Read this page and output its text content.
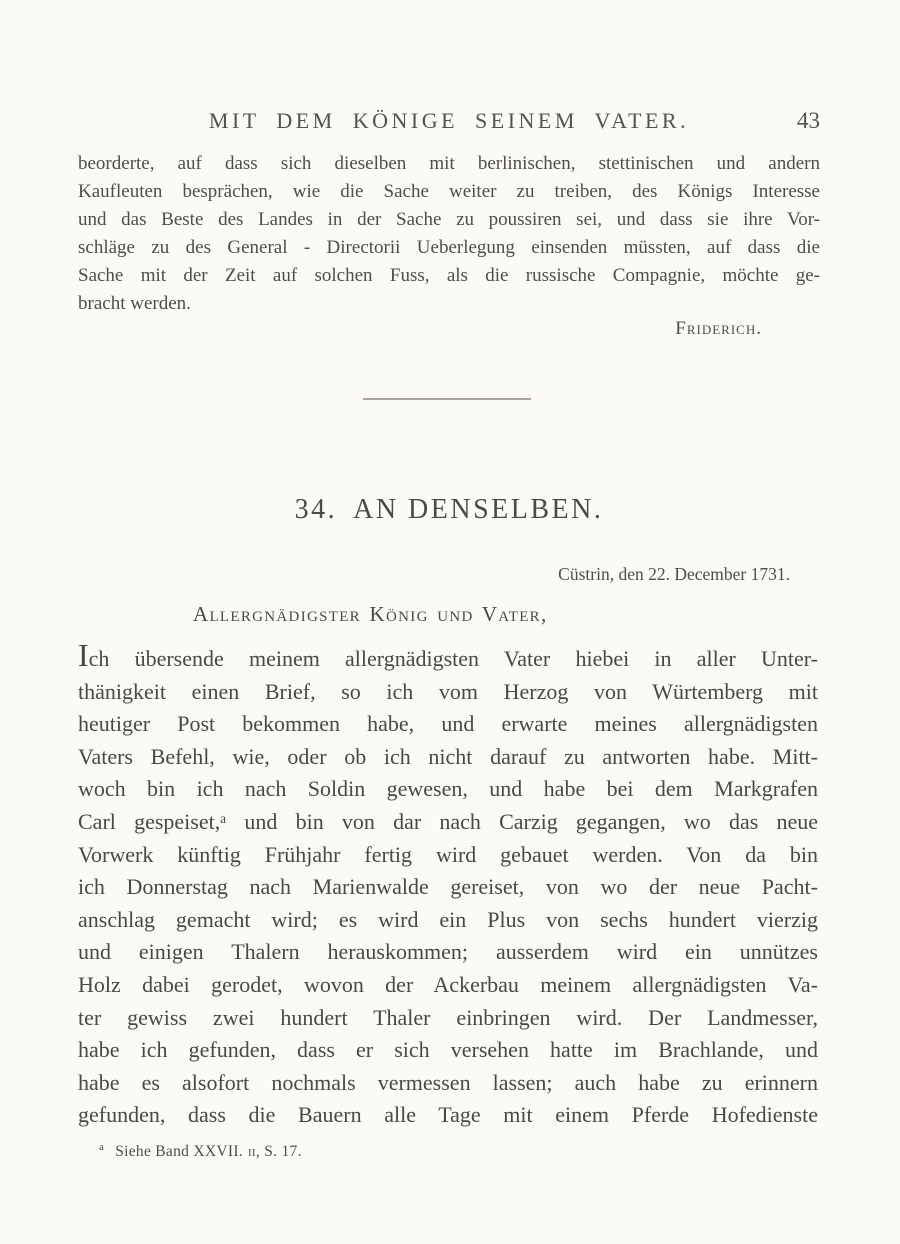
MIT DEM KÖNIGE SEINEM VATER.	43
beorderte, auf dass sich dieselben mit berlinischen, stettinischen und andern
Kaufleuten besprächen, wie die Sache weiter zu treiben, des Königs Interesse
und das Beste des Landes in der Sache zu poussiren sei, und dass sie ihre Vor-
schläge zu des General - Directorii Ueberlegung einsenden müssten, auf dass die
Sache mit der Zeit auf solchen Fuss, als die russische Compagnie, möchte ge-
bracht werden.
Friderich.
34. AN DENSELBEN.
Cüstrin, den 22. December 1731.
Allergnädigster König und Vater,
Ich übersende meinem allergnädigsten Vater hiebei in aller Unter-
thänigkeit einen Brief, so ich vom Herzog von Würtemberg mit
heutiger Post bekommen habe, und erwarte meines allergnädigsten
Vaters Befehl, wie, oder ob ich nicht darauf zu antworten habe. Mitt-
woch bin ich nach Soldin gewesen, und habe bei dem Markgrafen
Carl gespeiset,ᵃ und bin von dar nach Carzig gegangen, wo das neue
Vorwerk künftig Frühjahr fertig wird gebauet werden. Von da bin
ich Donnerstag nach Marienwalde gereiset, von wo der neue Pacht-
anschlag gemacht wird; es wird ein Plus von sechs hundert vierzig
und einigen Thalern herauskommen; ausserdem wird ein unnützes
Holz dabei gerodet, wovon der Ackerbau meinem allergnädigsten Va-
ter gewiss zwei hundert Thaler einbringen wird. Der Landmesser,
habe ich gefunden, dass er sich versehen hatte im Brachlande, und
habe es alsofort nochmals vermessen lassen; auch habe zu erinnern
gefunden, dass die Bauern alle Tage mit einem Pferde Hofedienste
$^a$ Siehe Band XXVII. ii, S. 17.
